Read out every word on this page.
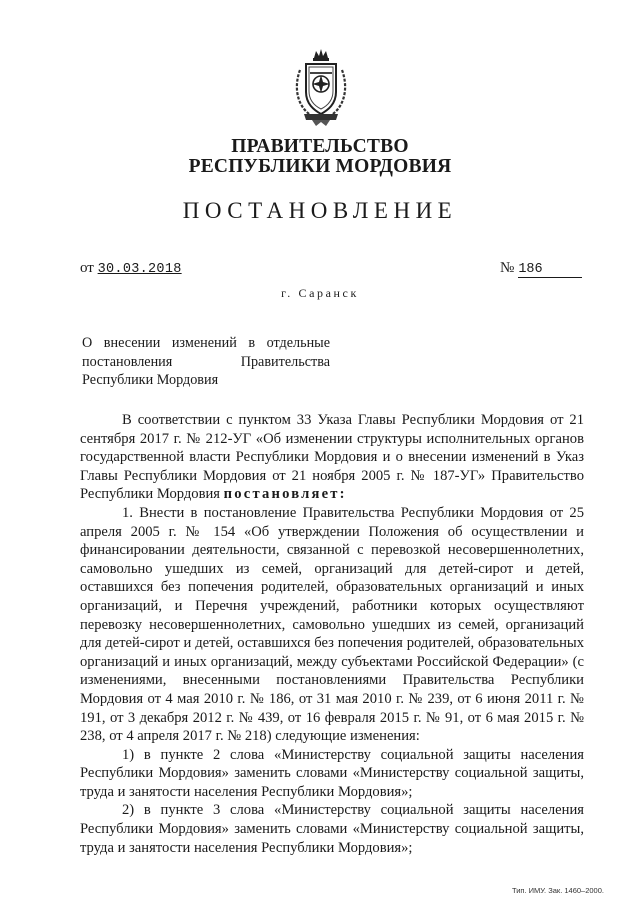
ПРАВИТЕЛЬСТВО
РЕСПУБЛИКИ МОРДОВИЯ
ПОСТАНОВЛЕНИЕ
от 30.03.2018	№ 186
г. Саранск
О внесении изменений в отдельные
постановления Правительства
Республики Мордовия

В соответствии с пунктом 33 Указа Главы Республики Мордовия от 21 сентября 2017 г. № 212-УГ «Об изменении структуры исполнительных органов государственной власти Республики Мордовия и о внесении изменений в Указ Главы Республики Мордовия от 21 ноября 2005 г. № 187-УГ» Правительство Республики Мордовия постановляет:

1. Внести в постановление Правительства Республики Мордовия от 25 апреля 2005 г. № 154 «Об утверждении Положения об осуществлении и финансировании деятельности, связанной с перевозкой несовершеннолетних, самовольно ушедших из семей, организаций для детей-сирот и детей, оставшихся без попечения родителей, образовательных организаций и иных организаций, и Перечня учреждений, работники которых осуществляют перевозку несовершеннолетних, самовольно ушедших из семей, организаций для детей-сирот и детей, оставшихся без попечения родителей, образовательных организаций и иных организаций, между субъектами Российской Федерации» (с изменениями, внесенными постановлениями Правительства Республики Мордовия от 4 мая 2010 г. № 186, от 31 мая 2010 г. № 239, от 6 июня 2011 г. № 191, от 3 декабря 2012 г. № 439, от 16 февраля 2015 г. № 91, от 6 мая 2015 г. № 238, от 4 апреля 2017 г. № 218) следующие изменения:

1) в пункте 2 слова «Министерству социальной защиты населения Республики Мордовия» заменить словами «Министерству социальной защиты, труда и занятости населения Республики Мордовия»;

2) в пункте 3 слова «Министерству социальной защиты населения Республики Мордовия» заменить словами «Министерству социальной защиты, труда и занятости населения Республики Мордовия»;

Тип. ИМУ. Зак. 1460–2000.
